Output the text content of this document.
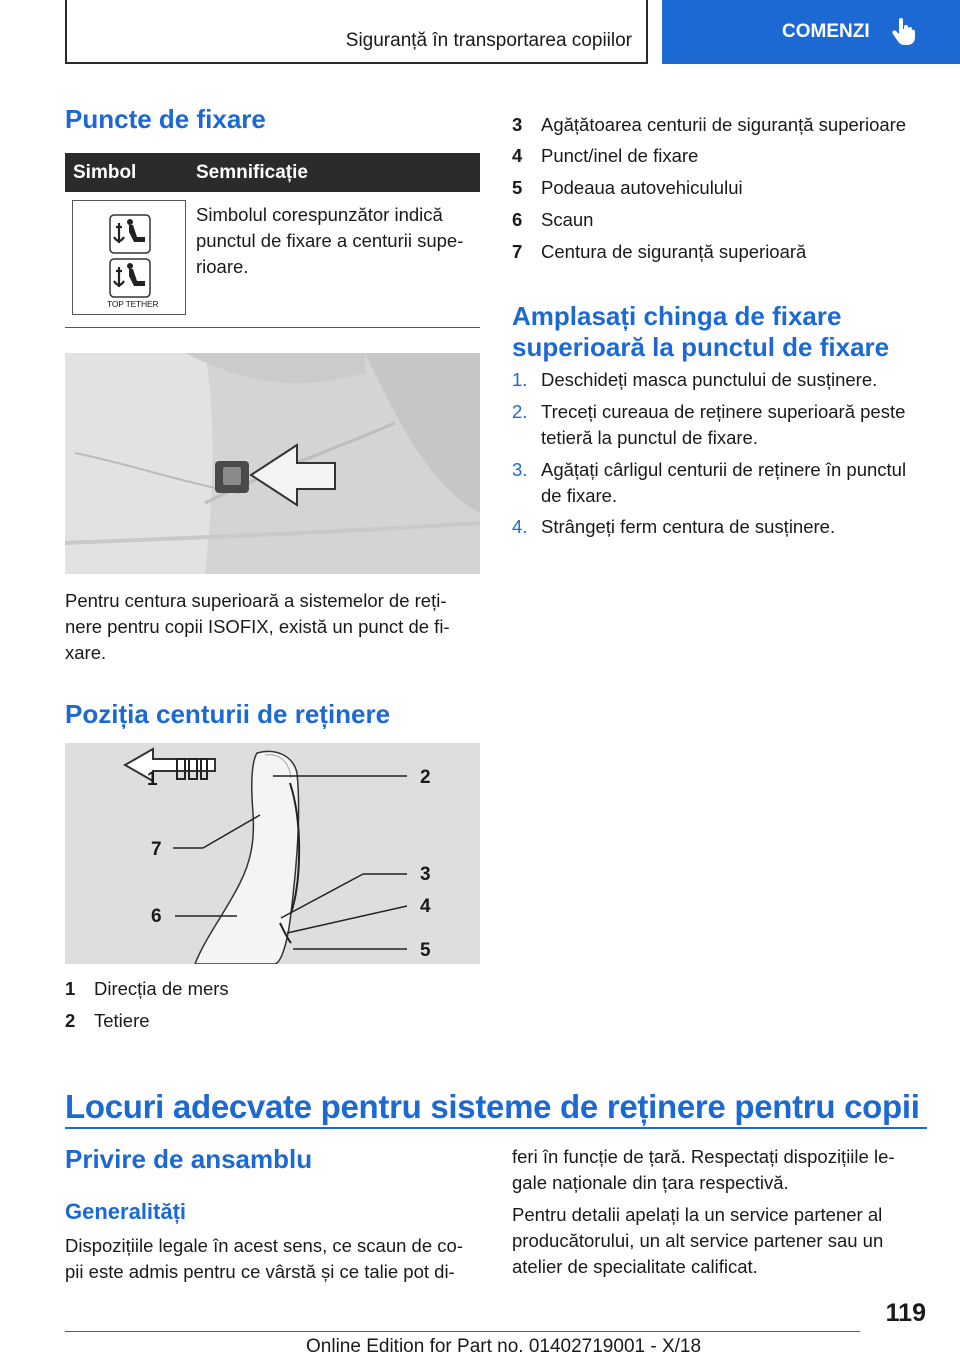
Siguranță în transportarea copiilor	COMENZI
Puncte de fixare
Simbol	Semnificație
TOP TETHER
Simbolul corespunzător indică
punctul de fixare a centurii supe-
rioare.
Pentru centura superioară a sistemelor de reți-
nere pentru copii ISOFIX, există un punct de fi-
xare.
Poziția centurii de reținere
1	2
7
3
4
6
5
1 Direcția de mers
2 Tetiere
3 Agățătoarea centurii de siguranță superioare
4 Punct/inel de fixare
5 Podeaua autovehiculului
6 Scaun
7 Centura de siguranță superioară
Amplasați chinga de fixare
superioară la punctul de fixare
1. Deschideți masca punctului de susținere.
2. Treceți cureaua de reținere superioară peste
tetieră la punctul de fixare.
3. Agățați cârligul centurii de reținere în punctul
de fixare.
4. Strângeți ferm centura de susținere.
Locuri adecvate pentru sisteme de reținere pentru copii
Privire de ansamblu
Generalități
Dispozițiile legale în acest sens, ce scaun de co-
pii este admis pentru ce vârstă și ce talie pot di-
feri în funcție de țară. Respectați dispozițiile le-
gale naționale din țara respectivă.
Pentru detalii apelați la un service partener al
producătorului, un alt service partener sau un
atelier de specialitate calificat.
119
Online Edition for Part no. 01402719001 - X/18
